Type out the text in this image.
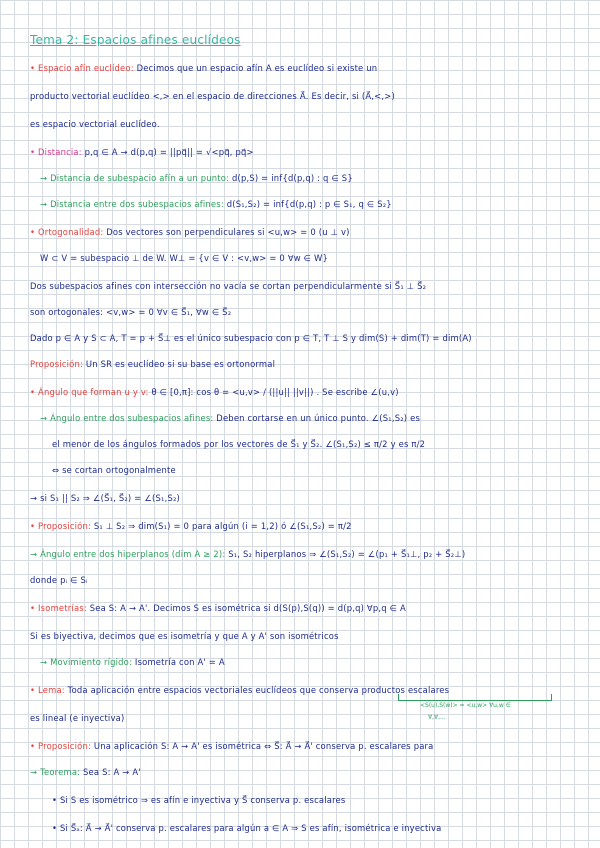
Tema 2: Espacios afines euclídeos
• Espacio afín euclídeo: Decimos que un espacio afín A es euclídeo si existe un
producto vectorial euclídeo <,> en el espacio de direcciones A⃗. Es decir, si (A⃗,<,>)
es espacio vectorial euclídeo.
• Distancia: p,q ∈ A → d(p,q) = ||pq⃗|| = √<pq⃗, pq⃗>
→ Distancia de subespacio afín a un punto: d(p,S) = inf{d(p,q) : q ∈ S}
→ Distancia entre dos subespacios afines: d(S₁,S₂) = inf{d(p,q) : p ∈ S₁, q ∈ S₂}
• Ortogonalidad: Dos vectores son perpendiculares si <u,w> = 0 (u ⊥ v)
W ⊂ V = subespacio ⊥ de W. W⊥ = {v ∈ V : <v,w> = 0 ∀w ∈ W}
Dos subespacios afines con intersección no vacía se cortan perpendicularmente si S⃗₁ ⊥ S⃗₂
son ortogonales: <v,w> = 0 ∀v ∈ S⃗₁, ∀w ∈ S⃗₂
Dado p ∈ A y S ⊂ A, T = p + S⃗⊥ es el único subespacio con p ∈ T, T ⊥ S y dim(S) + dim(T) = dim(A)
Proposición: Un SR es euclídeo si su base es ortonormal
• Ángulo que forman u y v: θ ∈ [0,π]: cos θ = <u,v> / (||u|| ||v||) . Se escribe ∠(u,v)
→ Ángulo entre dos subespacios afines: Deben cortarse en un único punto. ∠(S₁,S₂) es
el menor de los ángulos formados por los vectores de S⃗₁ y S⃗₂. ∠(S₁,S₂) ≤ π/2 y es π/2
⇔ se cortan ortogonalmente
→ si S₁ || S₂ ⇒ ∠(S⃗₁, S⃗₂) = ∠(S₁,S₂)
• Proposición: S₁ ⊥ S₂ ⇒ dim(S₁) = 0 para algún (i = 1,2) ó ∠(S₁,S₂) = π/2
→ Ángulo entre dos hiperplanos (dim A ≥ 2): S₁, S₂ hiperplanos ⇒ ∠(S₁,S₂) = ∠(p₁ + S⃗₁⊥, p₂ + S⃗₂⊥)
donde pᵢ ∈ Sᵢ
• Isometrías: Sea S: A → A'. Decimos S es isométrica si d(S(p),S(q)) = d(p,q) ∀p,q ∈ A
Si es biyectiva, decimos que es isometría y que A y A' son isométricos
→ Movimiento rígido: Isometría con A' = A
• Lema: Toda aplicación entre espacios vectoriales euclídeos que conserva productos escalares
<S(u),S(w)> = <u,w> ∀u,w ∈
∀,∀,...
es lineal (e inyectiva)
• Proposición: Una aplicación S: A → A' es isométrica ⇔ S⃗: A⃗ → A⃗' conserva p. escalares para
→ Teorema: Sea S: A → A'
• Si S es isométrico ⇒ es afín e inyectiva y S⃗ conserva p. escalares
• Si S⃗ₐ: A⃗ → A⃗' conserva p. escalares para algún a ∈ A ⇒ S es afín, isométrica e inyectiva
